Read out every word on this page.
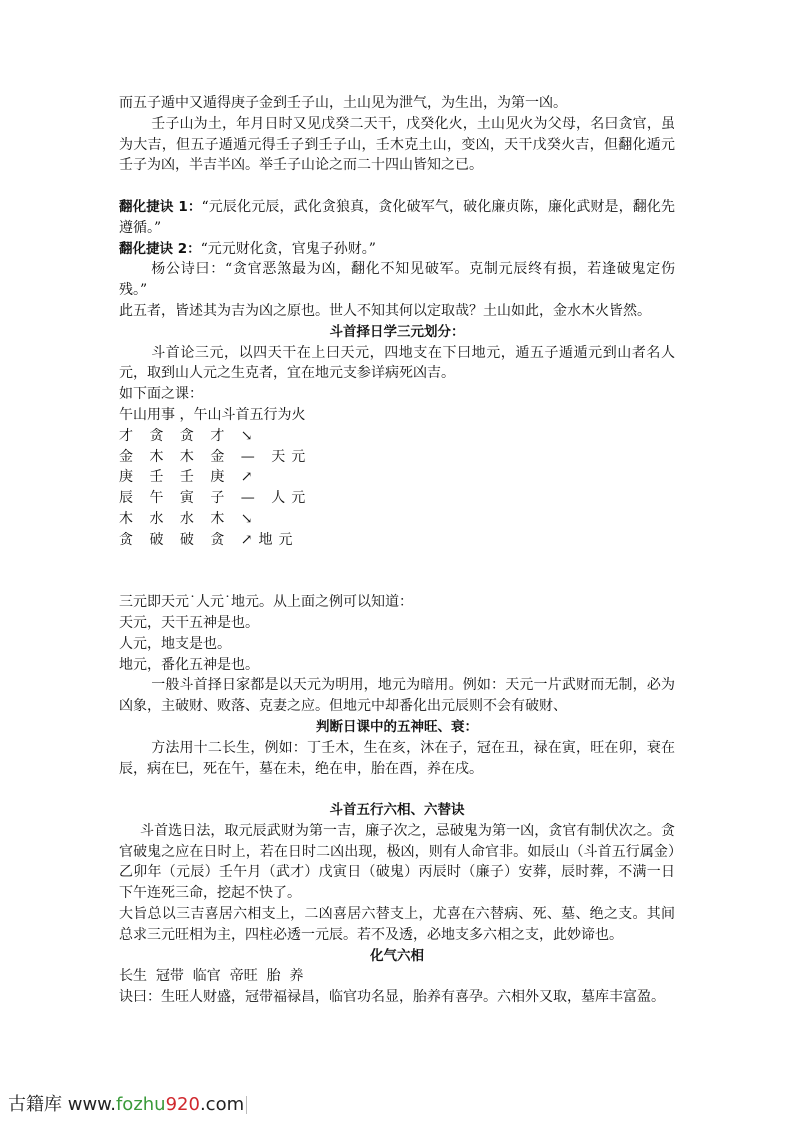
而五子遁中又遁得庚子金到壬子山，土山见为泄气，为生出，为第一凶。

壬子山为土，年月日时又见戊癸二天干，戊癸化火，土山见火为父母，名曰贪官，虽为大吉，但五子遁遁元得壬子到壬子山，壬木克土山，变凶，天干戊癸火吉，但翻化遁元壬子为凶，半吉半凶。举壬子山论之而二十四山皆知之已。

翻化捷诀 1：“元辰化元辰，武化贪狼真，贪化破军气，破化廉贞陈，廉化武财是，翻化先遵循。”

翻化捷诀 2：“元元财化贪，官鬼子孙财。”

杨公诗曰：“贪官恶煞最为凶，翻化不知见破军。克制元辰终有损，若逢破鬼定伤残。”

此五者，皆述其为吉为凶之原也。世人不知其何以定取哉？土山如此，金水木火皆然。

斗首择日学三元划分：

斗首论三元，以四天干在上曰天元，四地支在下曰地元，遁五子遁遁元到山者名人元，取到山人元之生克者，宜在地元支参详病死凶吉。

如下面之课：

午山用事 ，午山斗首五行为火

才 贪 贪 才 ↘

金 木 木 金 — 天元

庚 壬 壬 庚 ↗

辰 午 寅 子 — 人元

木 水 水 木 ↘

贪 破 破 贪 ↗地元

三元即天元˙人元˙地元。从上面之例可以知道：

天元，天干五神是也。

人元，地支是也。

地元，番化五神是也。

一般斗首择日家都是以天元为明用，地元为暗用。例如：天元一片武财而无制，必为凶象，主破财、败落、克妻之应。但地元中却番化出元辰则不会有破财、

判断日课中的五神旺、衰：

方法用十二长生，例如：丁壬木，生在亥，沐在子，冠在丑，禄在寅，旺在卯，衰在辰，病在巳，死在午，墓在未，绝在申，胎在酉，养在戌。

斗首五行六相、六替诀

斗首选日法，取元辰武财为第一吉，廉子次之，忌破鬼为第一凶，贪官有制伏次之。贪官破鬼之应在日时上，若在日时二凶出现，极凶，则有人命官非。如辰山（斗首五行属金）乙卯年（元辰）壬午月（武才）戊寅日（破鬼）丙辰时（廉子）安葬，辰时葬，不满一日下午连死三命，挖起不快了。

大旨总以三吉喜居六相支上，二凶喜居六替支上，尤喜在六替病、死、墓、绝之支。其间总求三元旺相为主，四柱必透一元辰。若不及透，必地支多六相之支，此妙谛也。

化气六相

长生  冠带  临官  帝旺  胎  养

诀曰：生旺人财盛，冠带福禄昌，临官功名显，胎养有喜孕。六相外又取，墓库丰富盈。

古籍库 www.fozhu920.com
